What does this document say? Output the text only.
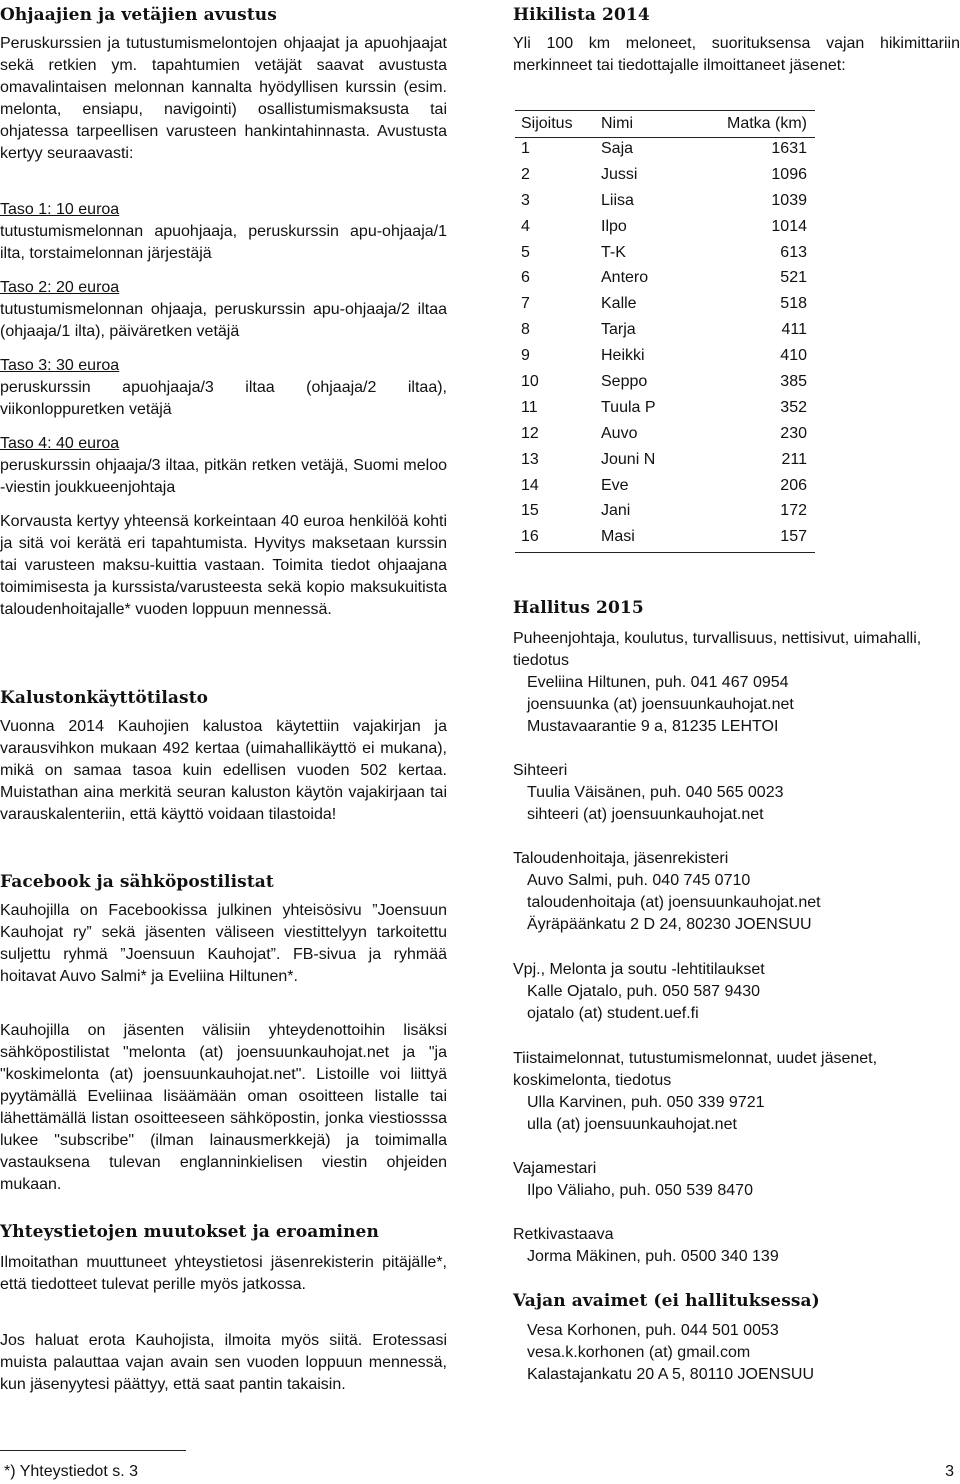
Ohjaajien ja vetäjien avustus

Peruskurssien ja tutustumismelontojen ohjaajat ja apuohjaajat sekä retkien ym. tapahtumien vetäjät saavat avustusta omavalintaisen melonnan kannalta hyödyllisen kurssin (esim. melonta, ensiapu, navigointi) osallistumismaksusta tai ohjatessa tarpeellisen varusteen hankintahinnasta. Avustusta kertyy seuraavasti:

Taso 1: 10 euroa

tutustumismelonnan apuohjaaja, peruskurssin apu-ohjaaja/1 ilta, torstaimelonnan järjestäjä

Taso 2: 20 euroa

tutustumismelonnan ohjaaja, peruskurssin apu-ohjaaja/2 iltaa (ohjaaja/1 ilta), päiväretken vetäjä

Taso 3: 30 euroa

peruskurssin apuohjaaja/3 iltaa (ohjaaja/2 iltaa), viikonloppuretken vetäjä

Taso 4: 40 euroa

peruskurssin ohjaaja/3 iltaa, pitkän retken vetäjä, Suomi meloo -viestin joukkueenjohtaja

Korvausta kertyy yhteensä korkeintaan 40 euroa henkilöä kohti ja sitä voi kerätä eri tapahtumista. Hyvitys maksetaan kurssin tai varusteen maksu-kuittia vastaan. Toimita tiedot ohjaajana toimimisesta ja kurssista/varusteesta sekä kopio maksukuitista taloudenhoitajalle* vuoden loppuun mennessä.

Kalustonkäyttötilasto

Vuonna 2014 Kauhojien kalustoa käytettiin vajakirjan ja varausvihkon mukaan 492 kertaa (uimahallikäyttö ei mukana), mikä on samaa tasoa kuin edellisen vuoden 502 kertaa. Muistathan aina merkitä seuran kaluston käytön vajakirjaan tai varauskalenteriin, että käyttö voidaan tilastoida!

Facebook ja sähköpostilistat

Kauhojilla on Facebookissa julkinen yhteisösivu ”Joensuun Kauhojat ry” sekä jäsenten väliseen viestittelyyn tarkoitettu suljettu ryhmä ”Joensuun Kauhojat”. FB-sivua ja ryhmää hoitavat Auvo Salmi* ja Eveliina Hiltunen*.

Kauhojilla on jäsenten välisiin yhteydenottoihin lisäksi sähköpostilistat "melonta (at) joensuunkauhojat.net ja "ja "koskimelonta (at) joensuunkauhojat.net". Listoille voi liittyä pyytämällä Eveliinaa lisäämään oman osoitteen listalle tai lähettämällä listan osoitteeseen sähköpostin, jonka viestiosssa lukee "subscribe" (ilman lainausmerkkejä) ja toimimalla vastauksena tulevan englanninkielisen viestin ohjeiden mukaan.

Yhteystietojen muutokset ja eroaminen

Ilmoitathan muuttuneet yhteystietosi jäsenrekisterin pitäjälle*, että tiedotteet tulevat perille myös jatkossa.

Jos haluat erota Kauhojista, ilmoita myös siitä. Erotessasi muista palauttaa vajan avain sen vuoden loppuun mennessä, kun jäsenyytesi päättyy, että saat pantin takaisin.

Hikilista 2014

Yli 100 km meloneet, suorituksensa vajan hikimittariin merkinneet tai tiedottajalle ilmoittaneet jäsenet:

Sijoitus	Nimi	Matka (km)
1	Saja	1631
2	Jussi	1096
3	Liisa	1039
4	Ilpo	1014
5	T-K	613
6	Antero	521
7	Kalle	518
8	Tarja	411
9	Heikki	410
10	Seppo	385
11	Tuula P	352
12	Auvo	230
13	Jouni N	211
14	Eve	206
15	Jani	172
16	Masi	157
Hallitus 2015

Puheenjohtaja, koulutus, turvallisuus, nettisivut, uimahalli, tiedotus

Eveliina Hiltunen, puh. 041 467 0954

joensuunka (at) joensuunkauhojat.net

Mustavaarantie 9 a, 81235 LEHTOI

Sihteeri

Tuulia Väisänen, puh. 040 565 0023

sihteeri (at) joensuunkauhojat.net

Taloudenhoitaja, jäsenrekisteri

Auvo Salmi, puh. 040 745 0710

taloudenhoitaja (at) joensuunkauhojat.net

Äyräpäänkatu 2 D 24, 80230 JOENSUU

Vpj., Melonta ja soutu -lehtitilaukset

Kalle Ojatalo, puh. 050 587 9430

ojatalo (at) student.uef.fi

Tiistaimelonnat, tutustumismelonnat, uudet jäsenet, koskimelonta, tiedotus

Ulla Karvinen, puh. 050 339 9721

ulla (at) joensuunkauhojat.net

Vajamestari

Ilpo Väliaho, puh. 050 539 8470

Retkivastaava

Jorma Mäkinen, puh. 0500 340 139

Vajan avaimet (ei hallituksessa)

Vesa Korhonen, puh. 044 501 0053

vesa.k.korhonen (at) gmail.com

Kalastajankatu 20 A 5, 80110 JOENSUU

*) Yhteystiedot s. 3	3
